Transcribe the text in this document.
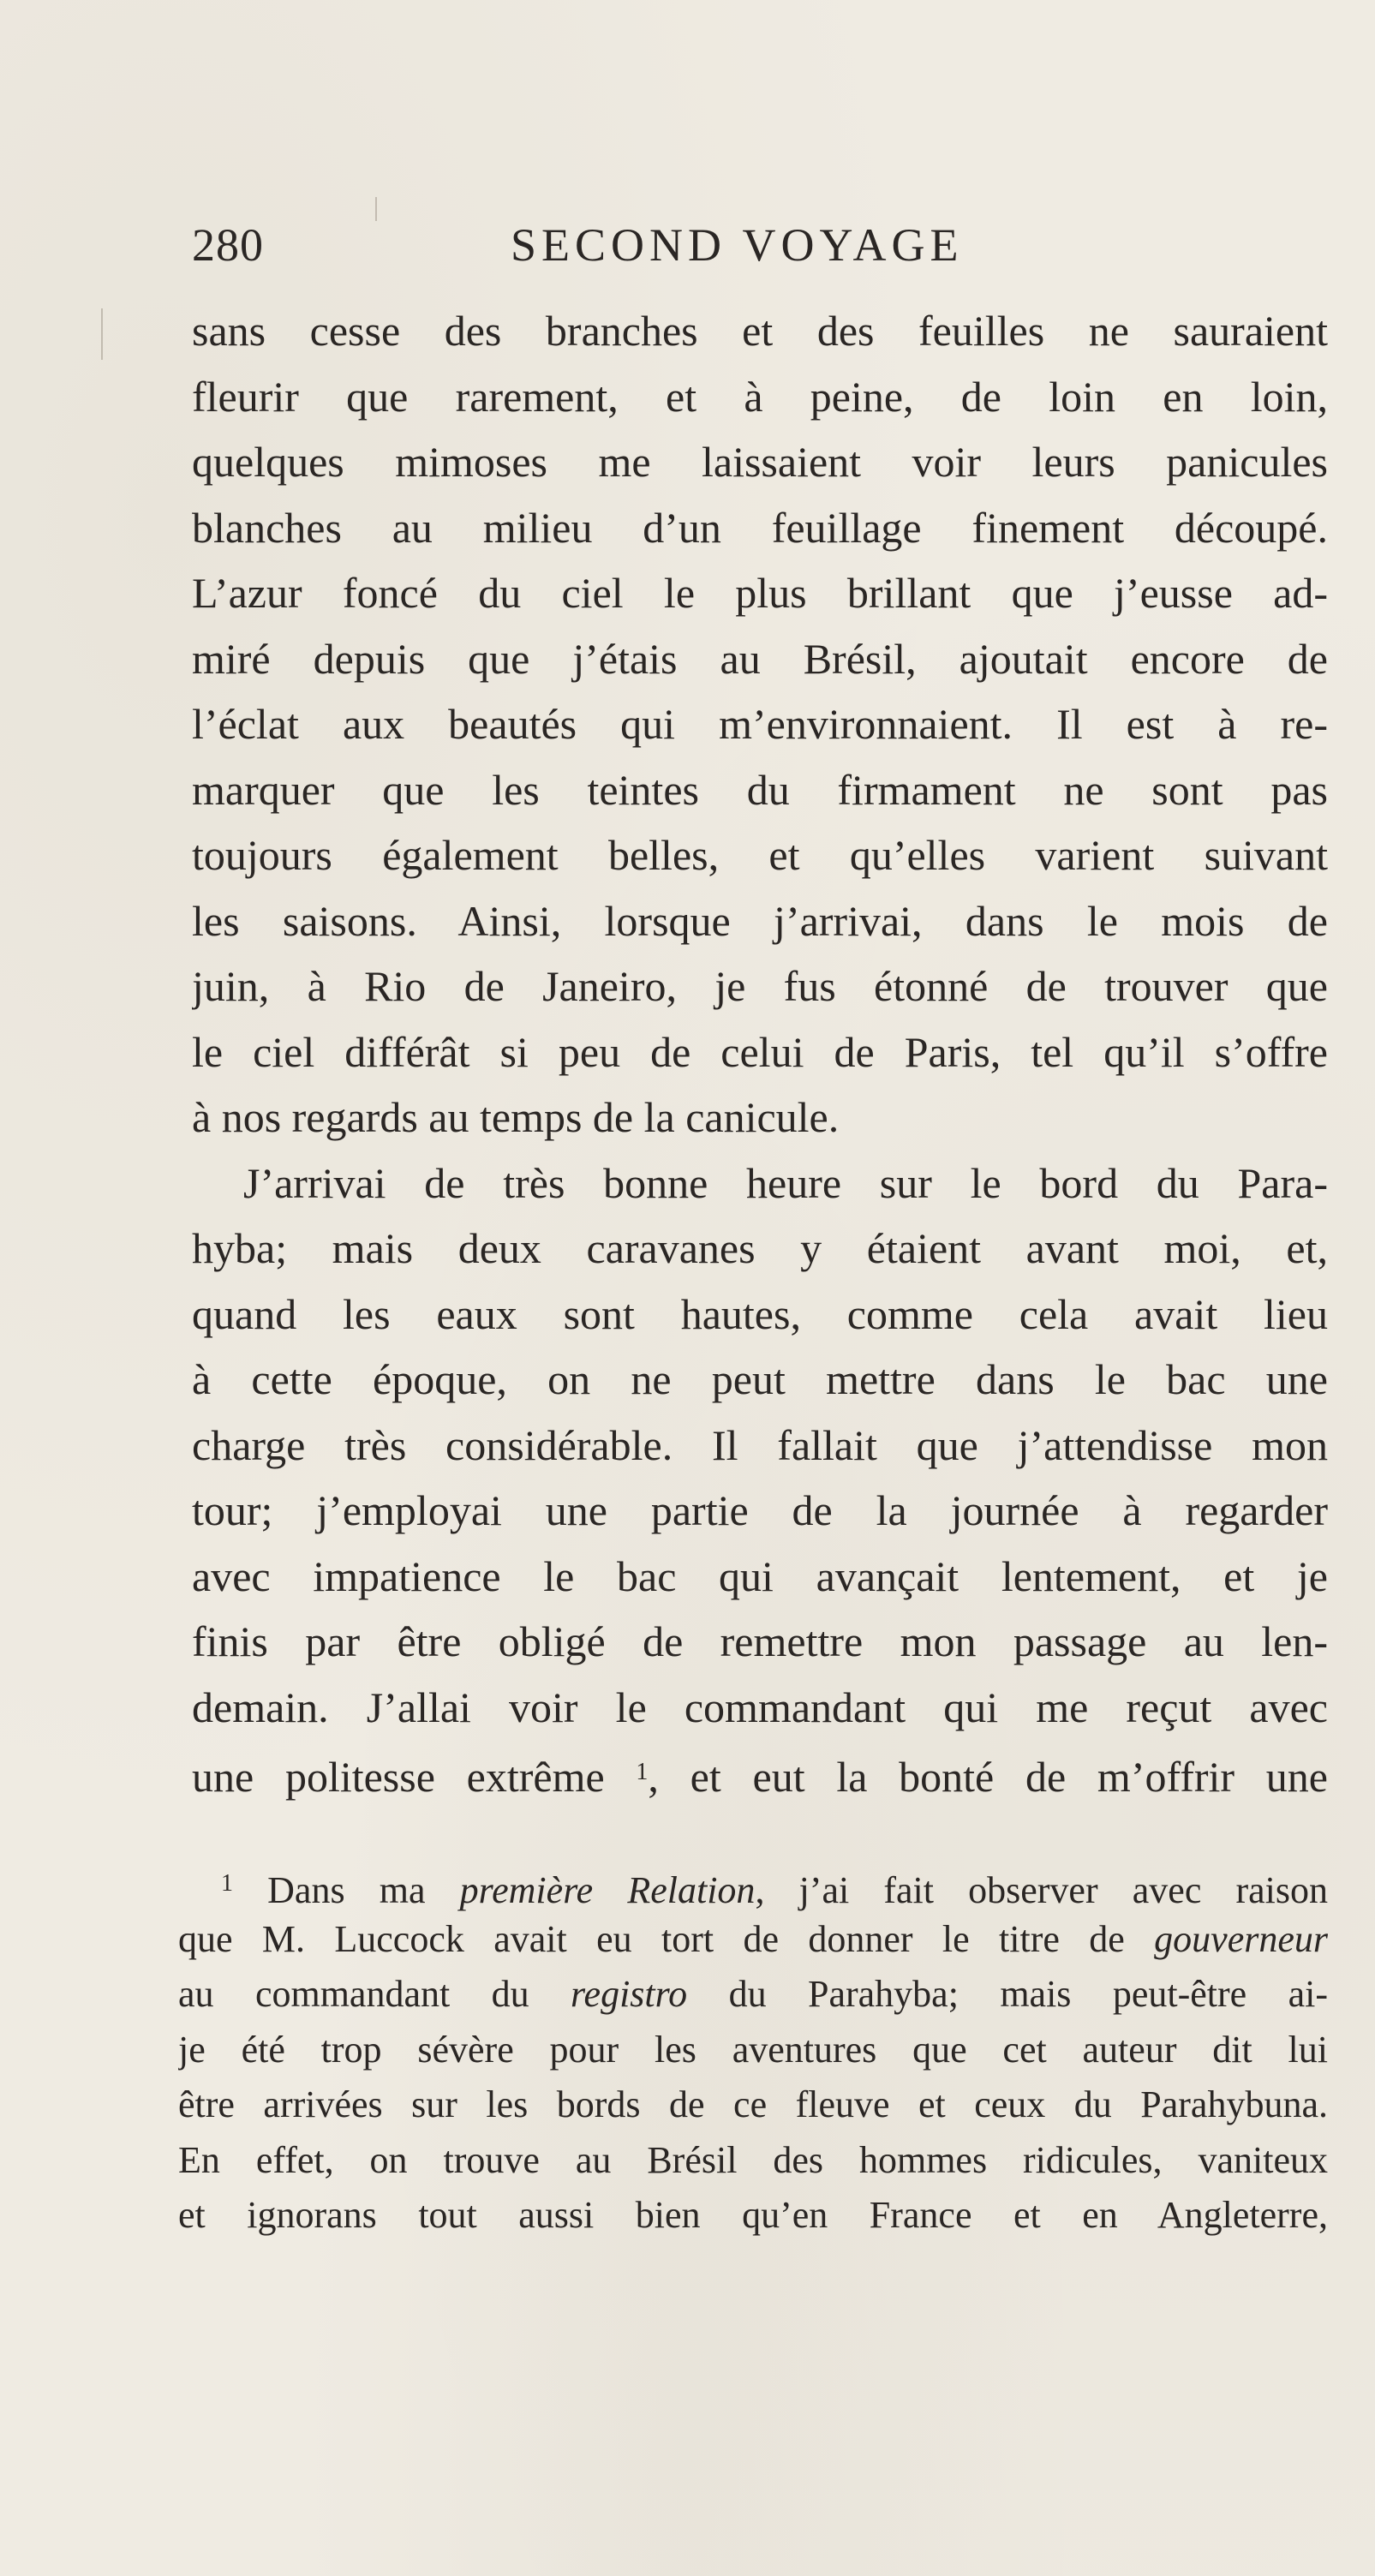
280	SECOND VOYAGE
sans cesse des branches et des feuilles ne sauraient
fleurir que rarement, et à peine, de loin en loin,
quelques mimoses me laissaient voir leurs panicules
blanches au milieu d’un feuillage finement découpé.
L’azur foncé du ciel le plus brillant que j’eusse ad-
miré depuis que j’étais au Brésil, ajoutait encore de
l’éclat aux beautés qui m’environnaient. Il est à re-
marquer que les teintes du firmament ne sont pas
toujours également belles, et qu’elles varient suivant
les saisons. Ainsi, lorsque j’arrivai, dans le mois de
juin, à Rio de Janeiro, je fus étonné de trouver que
le ciel différât si peu de celui de Paris, tel qu’il s’offre
à nos regards au temps de la canicule.
J’arrivai de très bonne heure sur le bord du Para-
hyba; mais deux caravanes y étaient avant moi, et,
quand les eaux sont hautes, comme cela avait lieu
à cette époque, on ne peut mettre dans le bac une
charge très considérable. Il fallait que j’attendisse mon
tour; j’employai une partie de la journée à regarder
avec impatience le bac qui avançait lentement, et je
finis par être obligé de remettre mon passage au len-
demain. J’allai voir le commandant qui me reçut avec
une politesse extrême $^1$, et eut la bonté de m’offrir une
$^1$ Dans ma première Relation, j’ai fait observer avec raison
que M. Luccock avait eu tort de donner le titre de gouverneur
au commandant du registro du Parahyba; mais peut-être ai-
je été trop sévère pour les aventures que cet auteur dit lui
être arrivées sur les bords de ce fleuve et ceux du Parahybuna.
En effet, on trouve au Brésil des hommes ridicules, vaniteux
et ignorans tout aussi bien qu’en France et en Angleterre,
